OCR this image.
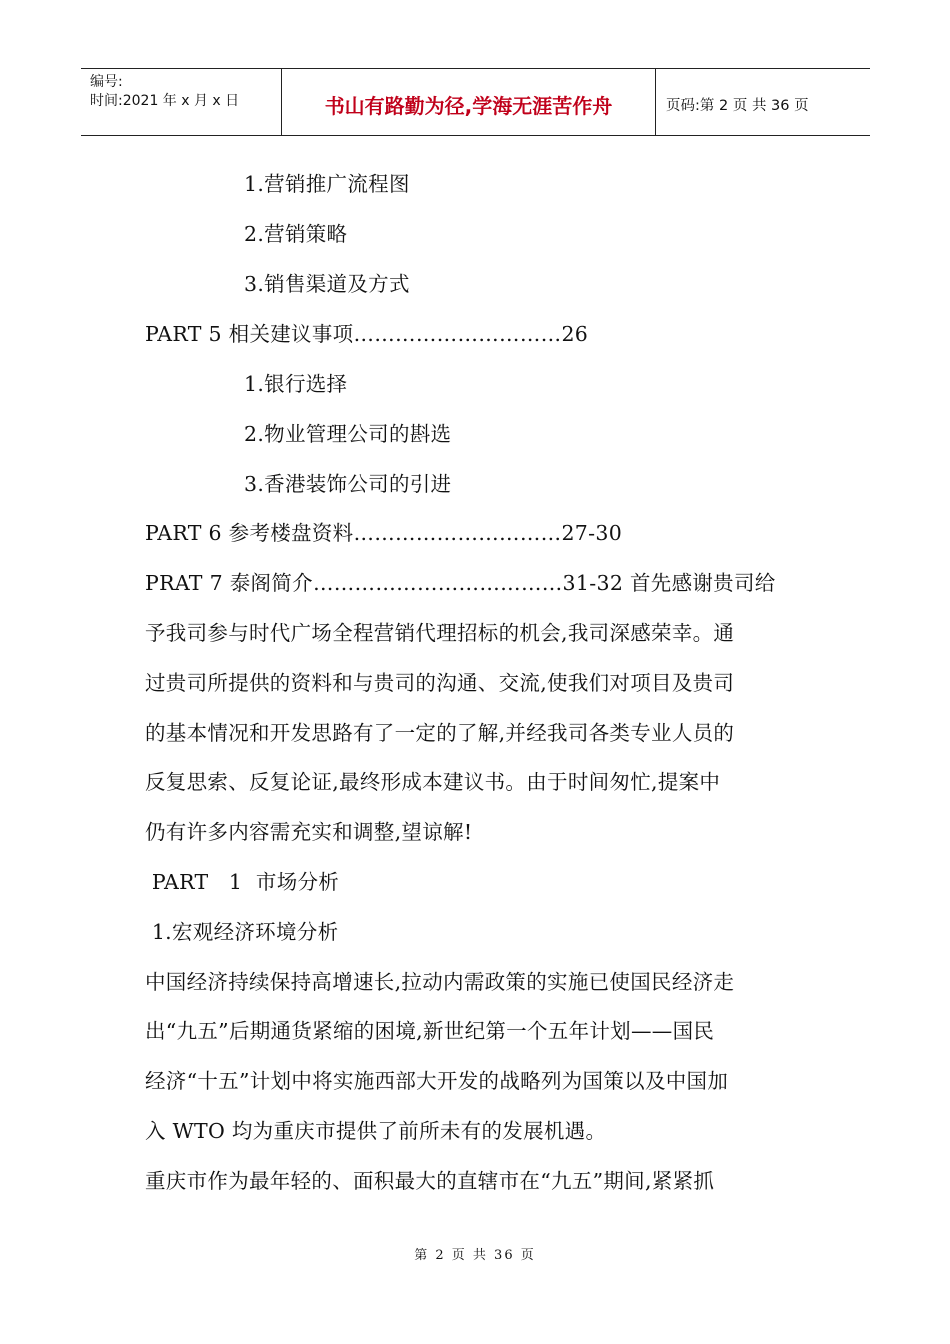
编号:
时间:2021 年 x 月 x 日	书山有路勤为径,学海无涯苦作舟	页码:第 2 页 共 36 页
1.营销推广流程图
2.营销策略
3.销售渠道及方式
PART 5 相关建议事项…………………………26
1.银行选择
2.物业管理公司的斟选
3.香港装饰公司的引进
PART 6 参考楼盘资料…………………………27-30
PRAT 7 泰阁简介………………………………31-32 首先感谢贵司给
予我司参与时代广场全程营销代理招标的机会,我司深感荣幸。通
过贵司所提供的资料和与贵司的沟通、交流,使我们对项目及贵司
的基本情况和开发思路有了一定的了解,并经我司各类专业人员的
反复思索、反复论证,最终形成本建议书。由于时间匆忙,提案中
仍有许多内容需充实和调整,望谅解!
PART   1  市场分析
1.宏观经济环境分析
中国经济持续保持高增速长,拉动内需政策的实施已使国民经济走
出“九五”后期通货紧缩的困境,新世纪第一个五年计划——国民
经济“十五”计划中将实施西部大开发的战略列为国策以及中国加
入 WTO 均为重庆市提供了前所未有的发展机遇。
重庆市作为最年轻的、面积最大的直辖市在“九五”期间,紧紧抓
第 2 页 共 36 页
